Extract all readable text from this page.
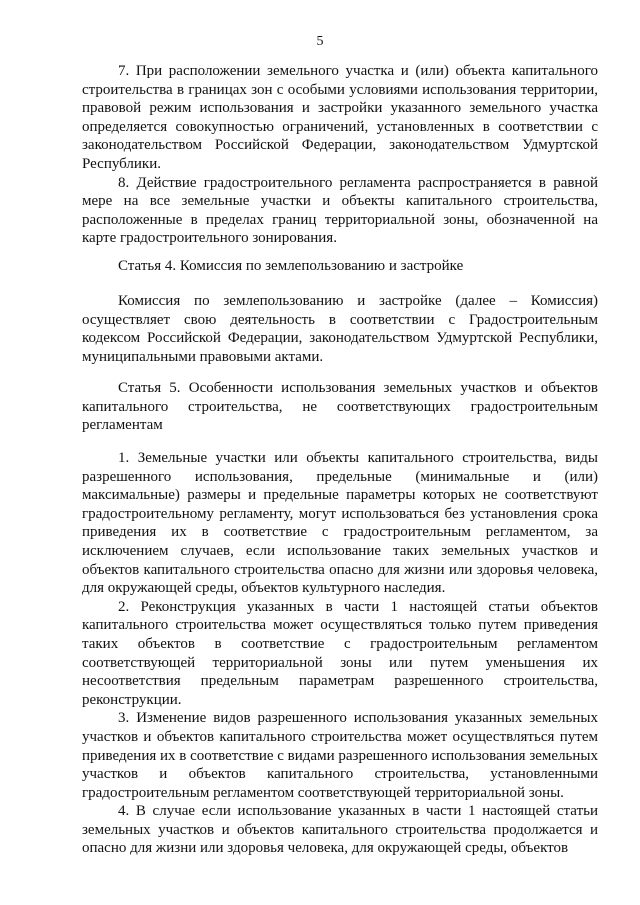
5

7. При расположении земельного участка и (или) объекта капитального строительства в границах зон с особыми условиями использования территории, правовой режим использования и застройки указанного земельного участка определяется совокупностью ограничений, установленных в соответствии с законодательством Российской Федерации, законодательством Удмуртской Республики.

8. Действие градостроительного регламента распространяется в равной мере на все земельные участки и объекты капитального строительства, расположенные в пределах границ территориальной зоны, обозначенной на карте градостроительного зонирования.

Статья 4. Комиссия по землепользованию и застройке

Комиссия по землепользованию и застройке (далее – Комиссия) осуществляет свою деятельность в соответствии с Градостроительным кодексом Российской Федерации, законодательством Удмуртской Республики, муниципальными правовыми актами.

Статья 5. Особенности использования земельных участков и объектов капитального строительства, не соответствующих градостроительным регламентам

1. Земельные участки или объекты капитального строительства, виды разрешенного использования, предельные (минимальные и (или) максимальные) размеры и предельные параметры которых не соответствуют градостроительному регламенту, могут использоваться без установления срока приведения их в соответствие с градостроительным регламентом, за исключением случаев, если использование таких земельных участков и объектов капитального строительства опасно для жизни или здоровья человека, для окружающей среды, объектов культурного наследия.

2. Реконструкция указанных в части 1 настоящей статьи объектов капитального строительства может осуществляться только путем приведения таких объектов в соответствие с градостроительным регламентом соответствующей территориальной зоны или путем уменьшения их несоответствия предельным параметрам разрешенного строительства, реконструкции.

3. Изменение видов разрешенного использования указанных земельных участков и объектов капитального строительства может осуществляться путем приведения их в соответствие с видами разрешенного использования земельных участков и объектов капитального строительства, установленными градостроительным регламентом соответствующей территориальной зоны.

4. В случае если использование указанных в части 1 настоящей статьи земельных участков и объектов капитального строительства продолжается и опасно для жизни или здоровья человека, для окружающей среды, объектов
